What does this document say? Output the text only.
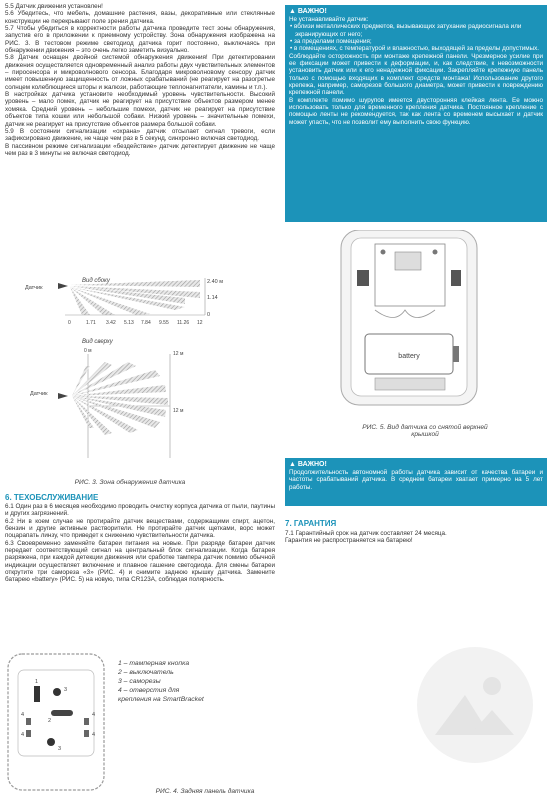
5.5 Датчик движения установлен!

5.6 Убедитесь, что мебель, домашние растения, вазы, декоративные или стеклянные конструкции не перекрывают поле зрения датчика.

5.7 Чтобы убедиться в корректности работы датчика проведите тест зоны обнаружения, запустив его в приложении к приемному устройству. Зона обнаружения изображена на РИС. 3. В тестовом режиме светодиод датчика горит постоянно, выключаясь при обнаружении движения – это очень легко заметить визуально.

5.8 Датчик оснащен двойной системой обнаружения движения! При детектировании движения осуществляется одновременный анализ работы двух чувствительных элементов – пиросенсора и микроволнового сенсора. Благодаря микроволновому сенсору датчик имеет повышенную защищенность от ложных срабатываний (не реагирует на разогретые солнцем колеблющиеся шторы и жалюзи, работающие теплонагнитатели, камины и т.п.).

В настройках датчика установите необходимый уровень чувствительности. Высокий уровень – мало помех, датчик не реагирует на присутствие объектов размером менее хомяка. Средний уровень – небольшие помехи, датчик не реагирует на присутствие объектов типа кошки или небольшой собаки. Низкий уровень – значительные помехи, датчик не реагирует на присутствие объектов размера большой собаки.

5.9 В состоянии сигнализации «охрана» датчик отсылает сигнал тревоги, если зафиксировано движение, не чаще чем раз в 5 секунд, синхронно включая светодиод.

В пассивном режиме сигнализации «бездействие» датчик детектирует движение не чаще чем раз в 3 минуты не включая светодиод.

Вид сбоку
Датчик
2.40 м
1.14
0
0	1.71 3.42 5.13 7.84 9.55 11.26 12
Вид сверху
0 м	12 м
12 м
Датчик
РИС. 3. Зона обнаружения датчика

6. ТЕХОБСЛУЖИВАНИЕ

6.1 Один раз в 6 месяцев необходимо проводить очистку корпуса датчика от пыли, паутины и других загрязнений.

6.2 Ни в коем случае не протирайте датчик веществами, содержащими спирт, ацетон, бензин и другие активные растворители. Не протирайте датчик щетками, ворс может поцарапать линзу, что приведет к снижению чувствительности датчика.

6.3 Своевременно заменяйте батареи питания на новые. При разряде батареи датчик передает соответствующий сигнал на центральный блок сигнализации. Когда батарея разряжена, при каждой детекции движения или сработке тампера датчик помимо обычной индикации осуществляет включение и плавное гашение светодиода. Для смены батареи открутите три самореза «3» (РИС. 4) и снимите заднюю крышку датчика. Замените батарею «battery» (РИС. 5) на новую, типа CR123A, соблюдая полярность.

1
2
3
3
4	4
4	4
1 – тамперная кнопка
2 – выключатель
3 – саморезы
4 – отверстия для крепления на SmartBracket
РИС. 4. Задняя панель датчика

▲ ВАЖНО!

Не устанавливайте датчик:

• вблизи металлических предметов, вызывающих затухание радиосигнала или экранирующих от него;
• за пределами помещения;
• в помещениях, с температурой и влажностью, выходящей за пределы допустимых.

Соблюдайте осторожность при монтаже крепежной панели. Чрезмерное усилие при ее фиксации может привести к деформации, и, как следствие, к невозможности установить датчик или к его ненадежной фиксации. Закрепляйте крепежную панель только с помощью входящих в комплект средств монтажа! Использование другого крепежа, например, саморезов большого диаметра, может привести к повреждению крепежной панели.

В комплекте помимо шурупов имеется двусторонняя клейкая лента. Ее можно использовать только для временного крепления датчика. Постоянное крепление с помощью ленты не рекомендуется, так как лента со временем высыхает и датчик может упасть, что не позволит ему выполнить свою функцию.

battery
РИС. 5. Вид датчика со снятой верхней крышкой

▲ ВАЖНО!

Продолжительность автономной работы датчика зависит от качества батареи и частоты срабатываний датчика. В среднем батареи хватает примерно на 5 лет работы.

7. ГАРАНТИЯ

7.1 Гарантийный срок на датчик составляет 24 месяца.

Гарантия не распространяется на батарею!
